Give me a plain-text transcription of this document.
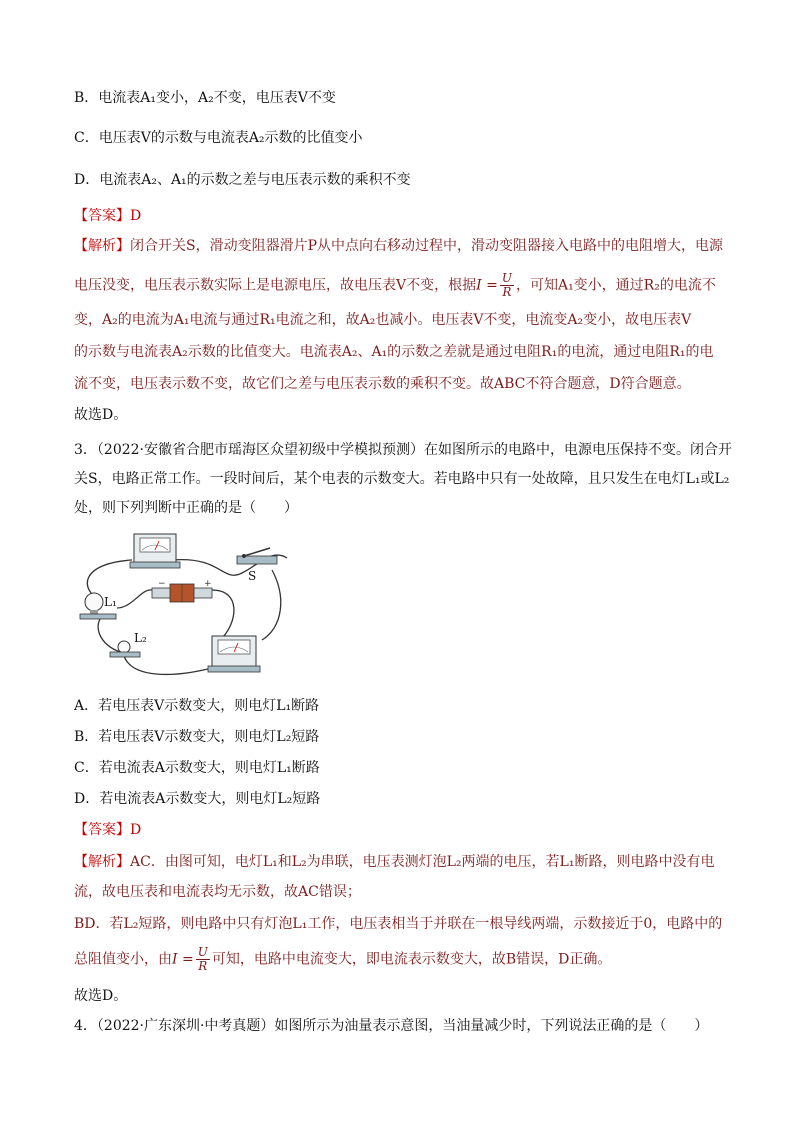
B．电流表A₁变小，A₂不变，电压表V不变
C．电压表V的示数与电流表A₂示数的比值变小
D．电流表A₂、A₁的示数之差与电压表示数的乘积不变
【答案】D
【解析】闭合开关S，滑动变阻器滑片P从中点向右移动过程中，滑动变阻器接入电路中的电阻增大，电源
电压没变，电压表示数实际上是电源电压，故电压表V不变，根据$I = \frac{U}{R}$ ，可知A₁变小，通过R₂的电流不
变，A₂的电流为A₁电流与通过R₁电流之和，故A₂也减小。电压表V不变，电流变A₂变小，故电压表V
的示数与电流表A₂示数的比值变大。电流表A₂、A₁的示数之差就是通过电阻R₁的电流，通过电阻R₁的电
流不变，电压表示数不变，故它们之差与电压表示数的乘积不变。故ABC不符合题意，D符合题意。
故选D。
3．（2022·安徽省合肥市瑶海区众望初级中学模拟预测）在如图所示的电路中，电源电压保持不变。闭合开
关S，电路正常工作。一段时间后，某个电表的示数变大。若电路中只有一处故障，且只发生在电灯L₁或L₂
处，则下列判断中正确的是（　　）
S
−	+
L₁
L₂
A．若电压表V示数变大，则电灯L₁断路
B．若电压表V示数变大，则电灯L₂短路
C．若电流表A示数变大，则电灯L₁断路
D．若电流表A示数变大，则电灯L₂短路
【答案】D
【解析】AC．由图可知，电灯L₁和L₂为串联，电压表测灯泡L₂两端的电压，若L₁断路，则电路中没有电
流，故电压表和电流表均无示数，故AC错误；
BD．若L₂短路，则电路中只有灯泡L₁工作，电压表相当于并联在一根导线两端，示数接近于0，电路中的
总阻值变小，由$I = \frac{U}{R}$ 可知，电路中电流变大，即电流表示数变大，故B错误，D正确。
故选D。
4．（2022·广东深圳·中考真题）如图所示为油量表示意图，当油量减少时，下列说法正确的是（　　）
